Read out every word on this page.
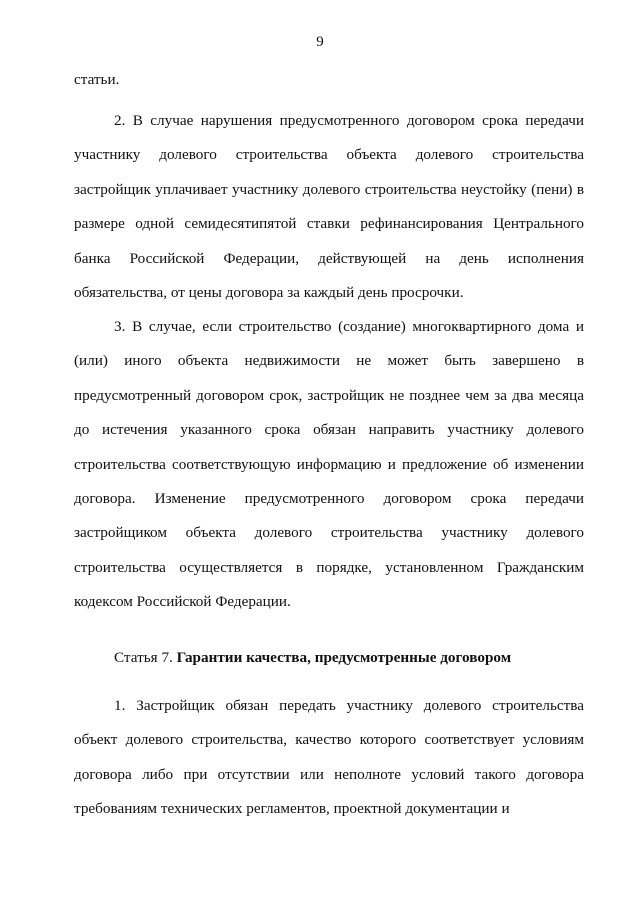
9

статьи.

2. В случае нарушения предусмотренного договором срока передачи участнику долевого строительства объекта долевого строительства застройщик уплачивает участнику долевого строительства неустойку (пени) в размере одной семидесятипятой ставки рефинансирования Центрального банка Российской Федерации, действующей на день исполнения обязательства, от цены договора за каждый день просрочки.

3. В случае, если строительство (создание) многоквартирного дома и (или) иного объекта недвижимости не может быть завершено в предусмотренный договором срок, застройщик не позднее чем за два месяца до истечения указанного срока обязан направить участнику долевого строительства соответствующую информацию и предложение об изменении договора. Изменение предусмотренного договором срока передачи застройщиком объекта долевого строительства участнику долевого строительства осуществляется в порядке, установленном Гражданским кодексом Российской Федерации.

Статья 7. Гарантии качества, предусмотренные договором

1. Застройщик обязан передать участнику долевого строительства объект долевого строительства, качество которого соответствует условиям договора либо при отсутствии или неполноте условий такого договора требованиям технических регламентов, проектной документации и
